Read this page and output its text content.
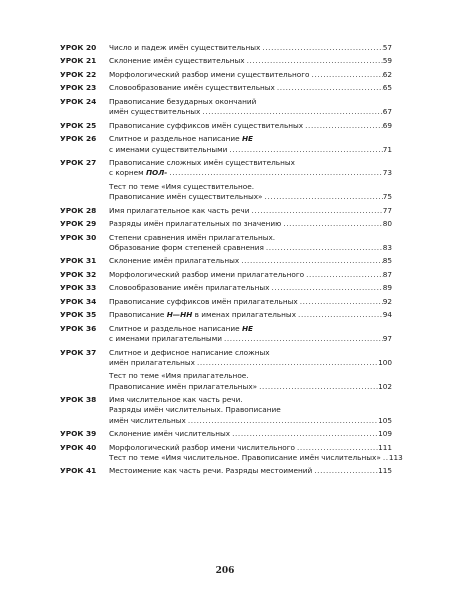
УРОК 20	Число и падеж имён существительных .....	57
УРОК 21	Склонение имён существительных .....	59
УРОК 22	Морфологический разбор имени существительного .....	62
УРОК 23	Словообразование имён существительных .....	65
УРОК 24	Правописание безударных окончаний
имён существительных .....	67
УРОК 25	Правописание суффиксов имён существительных .....	69
УРОК 26	Слитное и раздельное написание НЕ
с именами существительными .....	71
УРОК 27	Правописание сложных имён существительных
с корнем ПОЛ- .....	73
Тест по теме «Имя существительное.
Правописание имён существительных» .....	75
УРОК 28	Имя прилагательное как часть речи .....	77
УРОК 29	Разряды имён прилагательных по значению .....	80
УРОК 30	Степени сравнения имён прилагательных.
Образование форм степеней сравнения .....	83
УРОК 31	Склонение имён прилагательных .....	85
УРОК 32	Морфологический разбор имени прилагательного .....	87
УРОК 33	Словообразование имён прилагательных .....	89
УРОК 34	Правописание суффиксов имён прилагательных .....	92
УРОК 35	Правописание Н—НН в именах прилагательных .....	94
УРОК 36	Слитное и раздельное написание НЕ
с именами прилагательными .....	97
УРОК 37	Слитное и дефисное написание сложных
имён прилагательных .....	100
Тест по теме «Имя прилагательное.
Правописание имён прилагательных» .....	102
УРОК 38	Имя числительное как часть речи.
Разряды имён числительных. Правописание
имён числительных .....	105
УРОК 39	Склонение имён числительных .....	109
УРОК 40	Морфологический разбор имени числительного .....	111
Тест по теме «Имя числительное. Правописание имён числительных» ..... 113
УРОК 41	Местоимение как часть речи. Разряды местоимений .....	115
206
